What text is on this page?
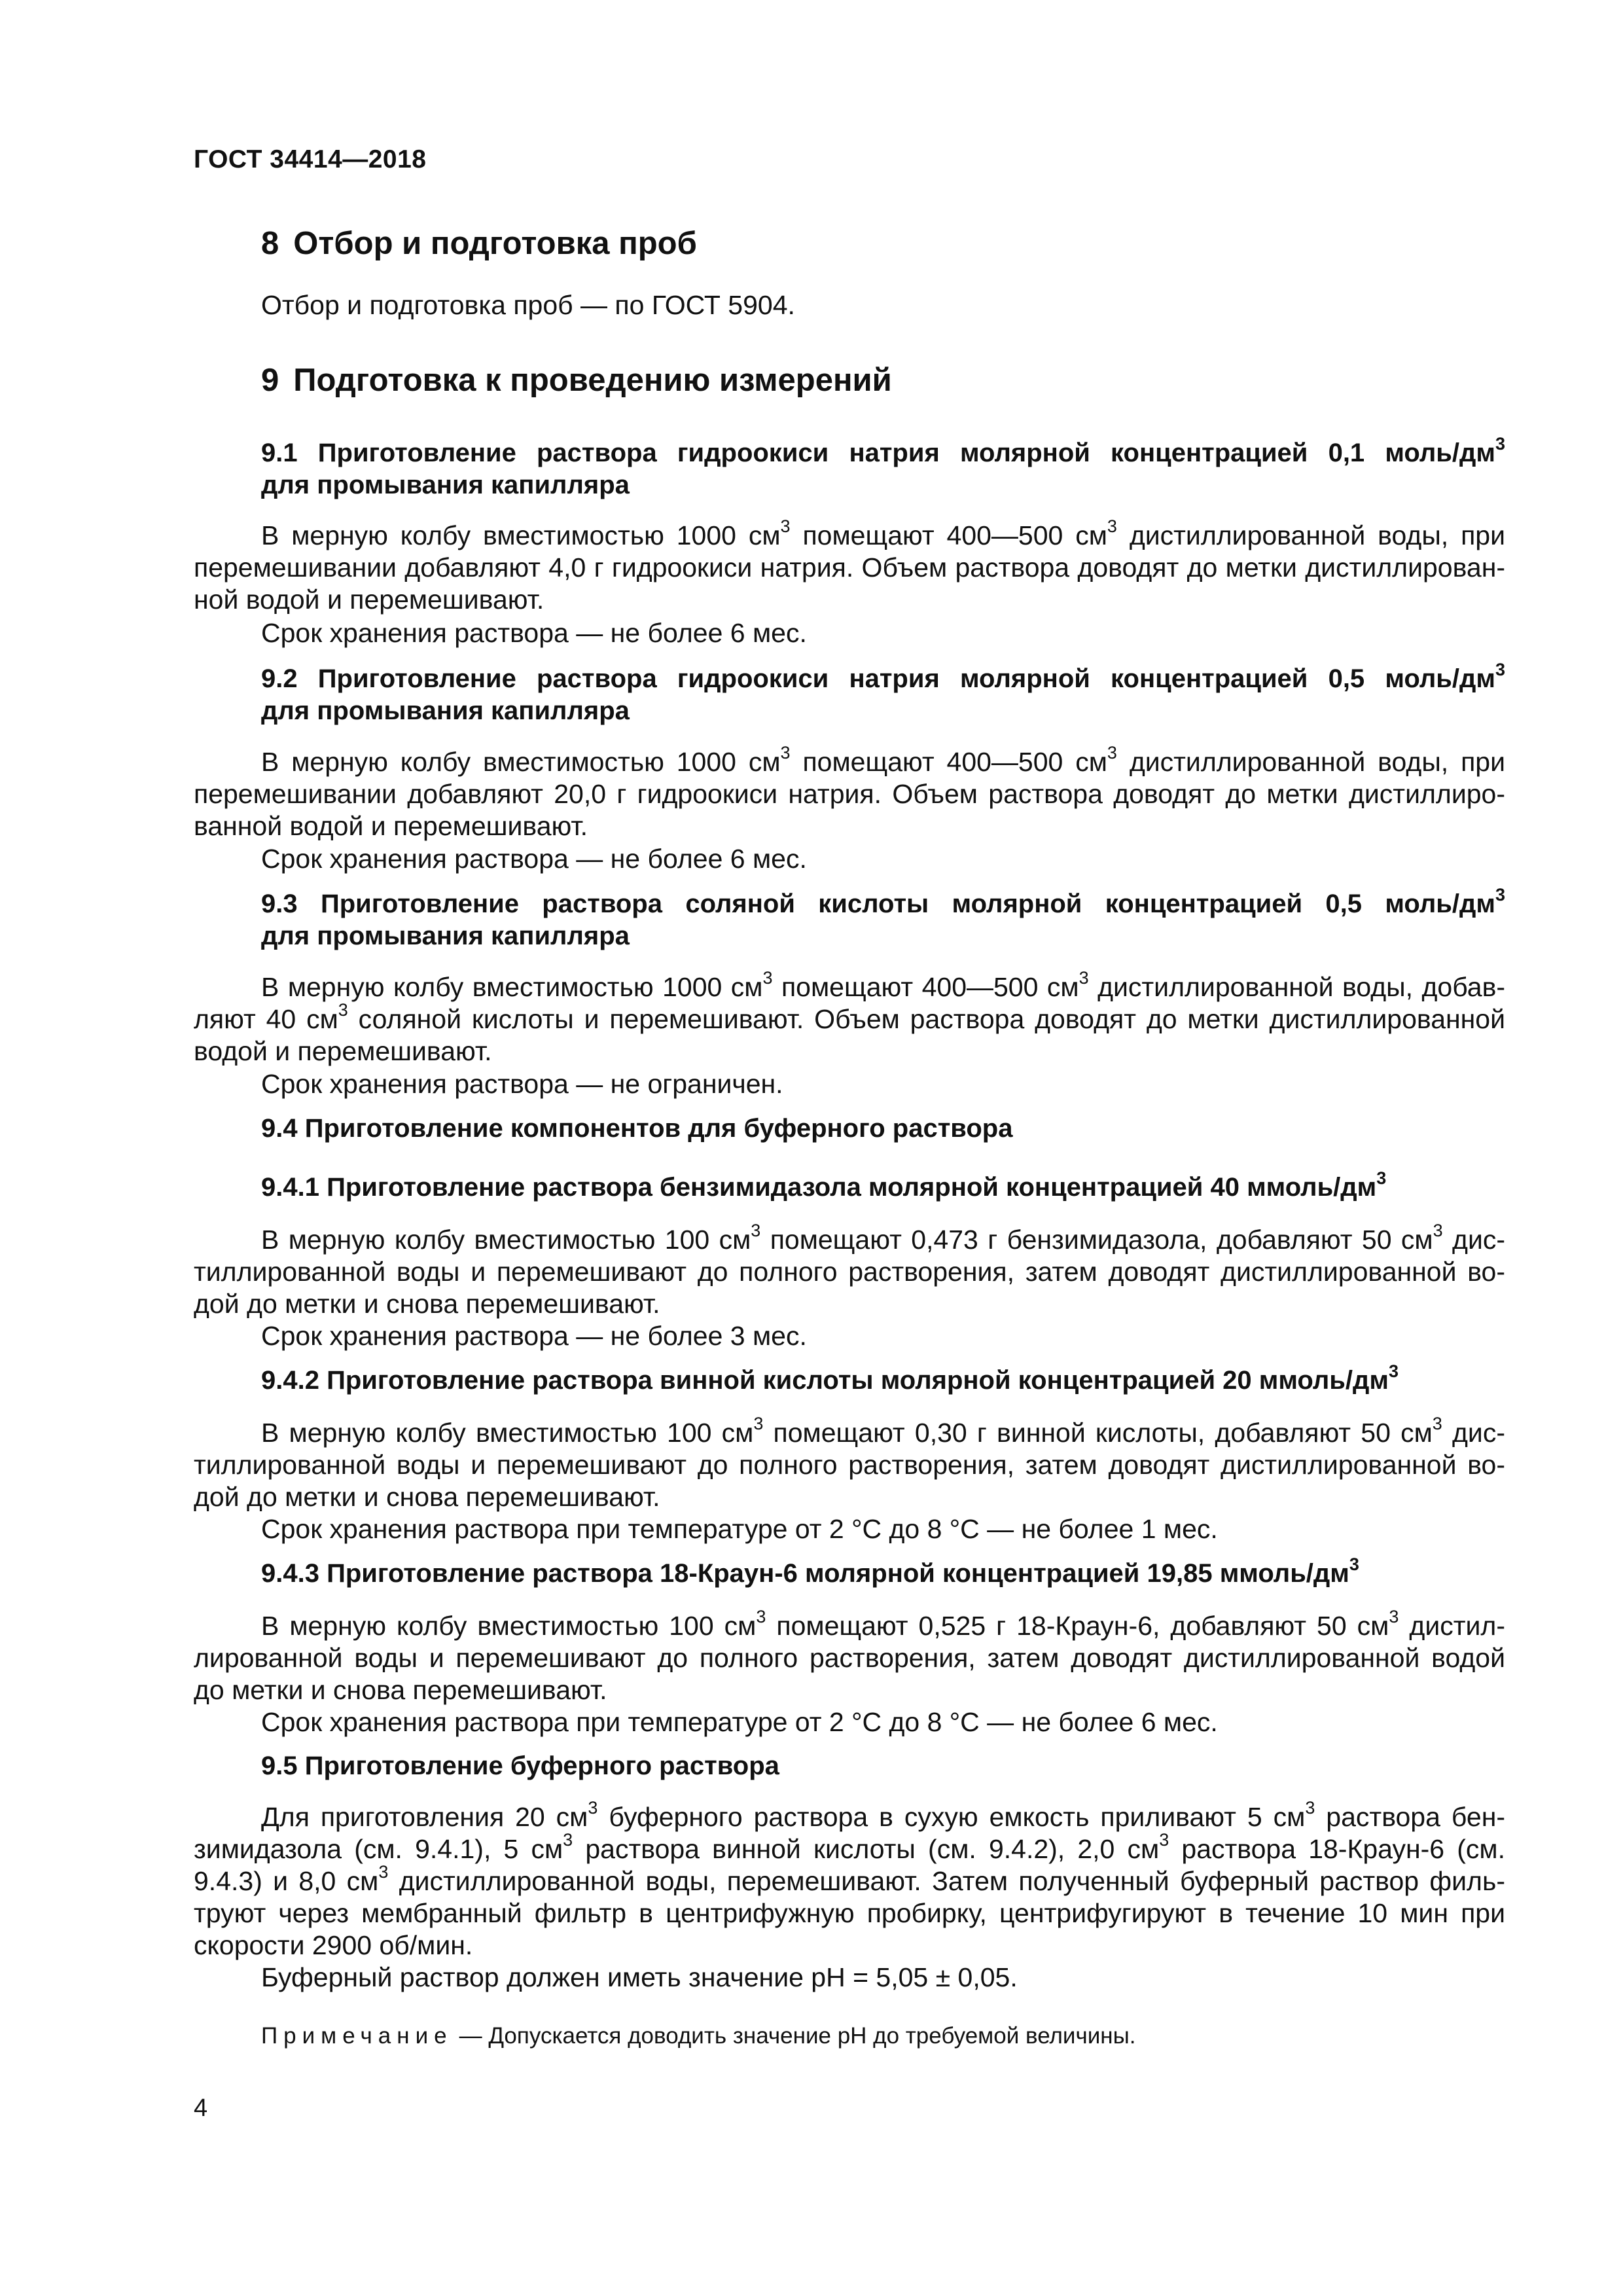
ГОСТ 34414—2018
8 Отбор и подготовка проб
Отбор и подготовка проб — по ГОСТ 5904.
9 Подготовка к проведению измерений
9.1 Приготовление раствора гидроокиси натрия молярной концентрацией 0,1 моль/$дм^3$
для промывания капилляра
В мерную колбу вместимостью 1000 $см^3$ помещают 400—500 $см^3$ дистиллированной воды, при
перемешивании добавляют 4,0 г гидроокиси натрия. Объем раствора доводят до метки дистиллирован-
ной водой и перемешивают.
Срок хранения раствора — не более 6 мес.
9.2 Приготовление раствора гидроокиси натрия молярной концентрацией 0,5 моль/$дм^3$
для промывания капилляра
В мерную колбу вместимостью 1000 $см^3$ помещают 400—500 $см^3$ дистиллированной воды, при
перемешивании добавляют 20,0 г гидроокиси натрия. Объем раствора доводят до метки дистиллиро-
ванной водой и перемешивают.
Срок хранения раствора — не более 6 мес.
9.3 Приготовление раствора соляной кислоты молярной концентрацией 0,5 моль/$дм^3$
для промывания капилляра
В мерную колбу вместимостью 1000 $см^3$ помещают 400—500 $см^3$ дистиллированной воды, добав-
ляют 40 $см^3$ соляной кислоты и перемешивают. Объем раствора доводят до метки дистиллированной
водой и перемешивают.
Срок хранения раствора — не ограничен.
9.4 Приготовление компонентов для буферного раствора
9.4.1 Приготовление раствора бензимидазола молярной концентрацией 40 ммоль/$дм^3$
В мерную колбу вместимостью 100 $см^3$ помещают 0,473 г бензимидазола, добавляют 50 $см^3$ дис-
тиллированной воды и перемешивают до полного растворения, затем доводят дистиллированной во-
дой до метки и снова перемешивают.
Срок хранения раствора — не более 3 мес.
9.4.2 Приготовление раствора винной кислоты молярной концентрацией 20 ммоль/$дм^3$
В мерную колбу вместимостью 100 $см^3$ помещают 0,30 г винной кислоты, добавляют 50 $см^3$ дис-
тиллированной воды и перемешивают до полного растворения, затем доводят дистиллированной во-
дой до метки и снова перемешивают.
Срок хранения раствора при температуре от 2 °С до 8 °С — не более 1 мес.
9.4.3 Приготовление раствора 18-Краун-6 молярной концентрацией 19,85 ммоль/$дм^3$
В мерную колбу вместимостью 100 $см^3$ помещают 0,525 г 18-Краун-6, добавляют 50 $см^3$ дистил-
лированной воды и перемешивают до полного растворения, затем доводят дистиллированной водой
до метки и снова перемешивают.
Срок хранения раствора при температуре от 2 °С до 8 °С — не более 6 мес.
9.5 Приготовление буферного раствора
Для приготовления 20 $см^3$ буферного раствора в сухую емкость приливают 5 $см^3$ раствора бен-
зимидазола (см. 9.4.1), 5 $см^3$ раствора винной кислоты (см. 9.4.2), 2,0 $см^3$ раствора 18-Краун-6 (см.
9.4.3) и 8,0 $см^3$ дистиллированной воды, перемешивают. Затем полученный буферный раствор филь-
труют через мембранный фильтр в центрифужную пробирку, центрифугируют в течение 10 мин при
скорости 2900 об/мин.
Буферный раствор должен иметь значение рН = 5,05 ± 0,05.
Примечание — Допускается доводить значение рН до требуемой величины.
4
